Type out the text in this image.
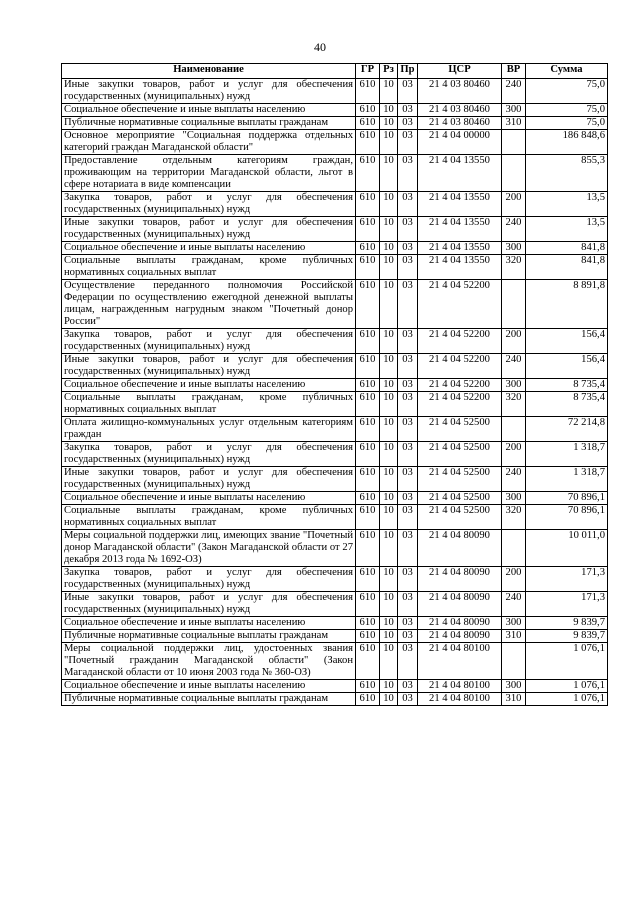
40
Наименование	ГР	Рз	Пр	ЦСР	ВР	Сумма
Иные закупки товаров, работ и услуг для обеспечения государственных (муниципальных) нужд	610	10	03	21 4 03 80460	240	75,0
Социальное обеспечение и иные выплаты населению	610	10	03	21 4 03 80460	300	75,0
Публичные нормативные социальные выплаты гражданам	610	10	03	21 4 03 80460	310	75,0
Основное мероприятие "Социальная поддержка отдельных категорий граждан Магаданской области"	610	10	03	21 4 04 00000		186 848,6
Предоставление отдельным категориям граждан, проживающим на территории Магаданской области, льгот в сфере нотариата в виде компенсации	610	10	03	21 4 04 13550		855,3
Закупка товаров, работ и услуг для обеспечения государственных (муниципальных) нужд	610	10	03	21 4 04 13550	200	13,5
Иные закупки товаров, работ и услуг для обеспечения государственных (муниципальных) нужд	610	10	03	21 4 04 13550	240	13,5
Социальное обеспечение и иные выплаты населению	610	10	03	21 4 04 13550	300	841,8
Социальные выплаты гражданам, кроме публичных нормативных социальных выплат	610	10	03	21 4 04 13550	320	841,8
Осуществление переданного полномочия Российской Федерации по осуществлению ежегодной денежной выплаты лицам, награжденным нагрудным знаком "Почетный донор России"	610	10	03	21 4 04 52200		8 891,8
Закупка товаров, работ и услуг для обеспечения государственных (муниципальных) нужд	610	10	03	21 4 04 52200	200	156,4
Иные закупки товаров, работ и услуг для обеспечения государственных (муниципальных) нужд	610	10	03	21 4 04 52200	240	156,4
Социальное обеспечение и иные выплаты населению	610	10	03	21 4 04 52200	300	8 735,4
Социальные выплаты гражданам, кроме публичных нормативных социальных выплат	610	10	03	21 4 04 52200	320	8 735,4
Оплата жилищно-коммунальных услуг отдельным категориям граждан	610	10	03	21 4 04 52500		72 214,8
Закупка товаров, работ и услуг для обеспечения государственных (муниципальных) нужд	610	10	03	21 4 04 52500	200	1 318,7
Иные закупки товаров, работ и услуг для обеспечения государственных (муниципальных) нужд	610	10	03	21 4 04 52500	240	1 318,7
Социальное обеспечение и иные выплаты населению	610	10	03	21 4 04 52500	300	70 896,1
Социальные выплаты гражданам, кроме публичных нормативных социальных выплат	610	10	03	21 4 04 52500	320	70 896,1
Меры социальной поддержки лиц, имеющих звание "Почетный донор Магаданской области" (Закон Магаданской области от 27 декабря 2013 года № 1692-ОЗ)	610	10	03	21 4 04 80090		10 011,0
Закупка товаров, работ и услуг для обеспечения государственных (муниципальных) нужд	610	10	03	21 4 04 80090	200	171,3
Иные закупки товаров, работ и услуг для обеспечения государственных (муниципальных) нужд	610	10	03	21 4 04 80090	240	171,3
Социальное обеспечение и иные выплаты населению	610	10	03	21 4 04 80090	300	9 839,7
Публичные нормативные социальные выплаты гражданам	610	10	03	21 4 04 80090	310	9 839,7
Меры социальной поддержки лиц, удостоенных звания "Почетный гражданин Магаданской области" (Закон Магаданской области от 10 июня 2003 года № 360-ОЗ)	610	10	03	21 4 04 80100		1 076,1
Социальное обеспечение и иные выплаты населению	610	10	03	21 4 04 80100	300	1 076,1
Публичные нормативные социальные выплаты гражданам	610	10	03	21 4 04 80100	310	1 076,1
